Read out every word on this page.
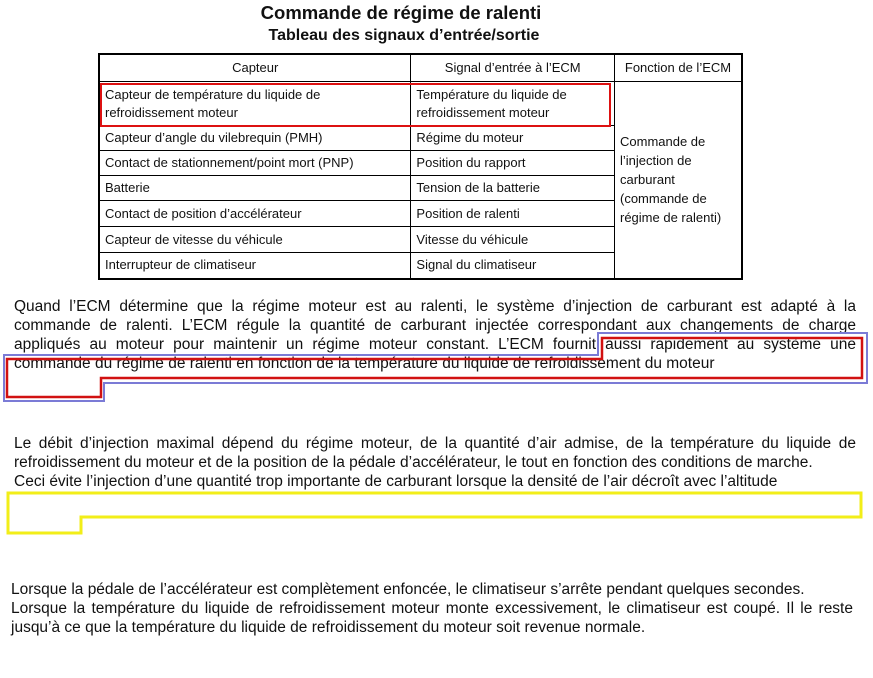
Commande de régime de ralenti
Tableau des signaux d’entrée/sortie
Capteur	Signal d’entrée à l’ECM	Fonction de l’ECM
Capteur de température du liquide de refroidissement moteur	Température du liquide de refroidissement moteur	Commande de l’injection de carburant (commande de régime de ralenti)
Capteur d’angle du vilebrequin (PMH)	Régime du moteur	
Contact de stationnement/point mort (PNP)	Position du rapport	
Batterie	Tension de la batterie	
Contact de position d’accélérateur	Position de ralenti	
Capteur de vitesse du véhicule	Vitesse du véhicule	
Interrupteur de climatiseur	Signal du climatiseur	

Quand l’ECM détermine que la régime moteur est au ralenti, le système d’injection de carburant est adapté à la commande de ralenti. L’ECM régule la quantité de carburant injectée correspondant aux changements de charge appliqués au moteur pour maintenir un régime moteur constant. L’ECM fournit aussi rapidement au système une commande du régime de ralenti en fonction de la température du liquide de refroidissement du moteur

Le débit d’injection maximal dépend du régime moteur, de la quantité d’air admise, de la température du liquide de refroidissement du moteur et de la position de la pédale d’accélérateur, le tout en fonction des conditions de marche.

Ceci évite l’injection d’une quantité trop importante de carburant lorsque la densité de l’air décroît avec l’altitude

Lorsque la pédale de l’accélérateur est complètement enfoncée, le climatiseur s’arrête pendant quelques secondes.

Lorsque la température du liquide de refroidissement moteur monte excessivement, le climatiseur est coupé. Il le reste jusqu’à ce que la température du liquide de refroidissement du moteur soit revenue normale.
